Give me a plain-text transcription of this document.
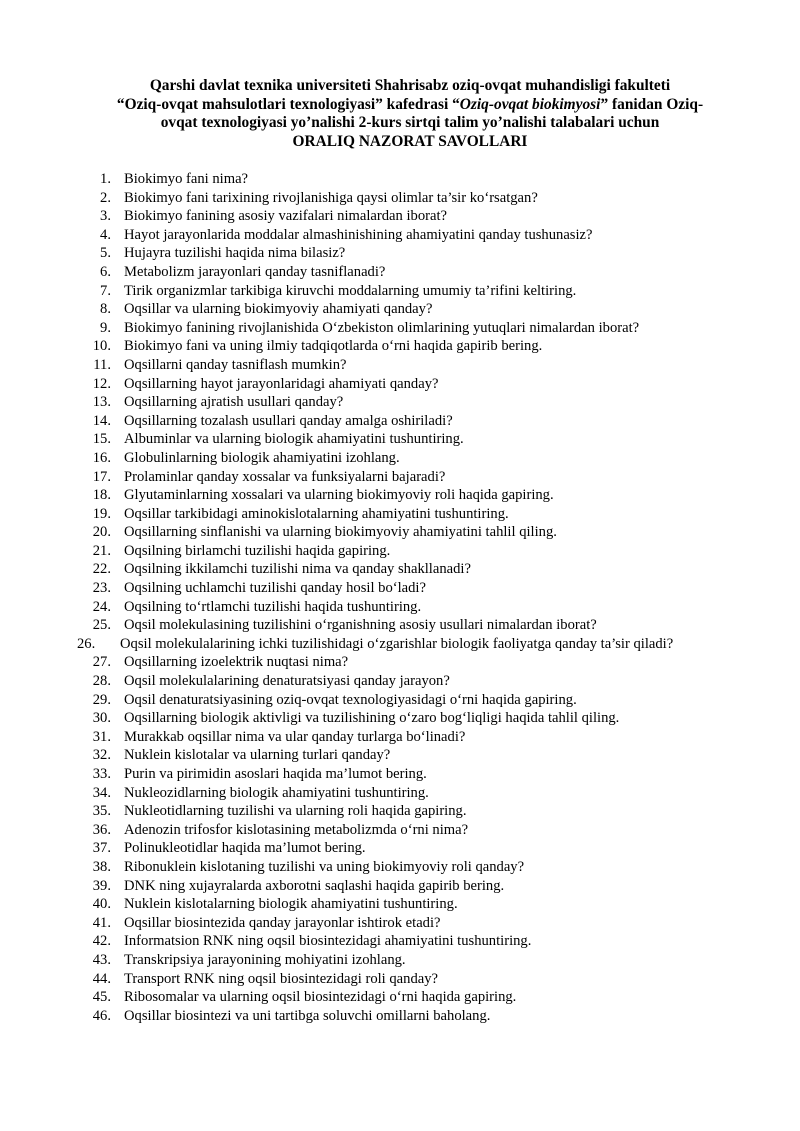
Qarshi davlat texnika universiteti Shahrisabz oziq-ovqat muhandisligi fakulteti
“Oziq-ovqat mahsulotlari texnologiyasi” kafedrasi “Oziq-ovqat biokimyosi” fanidan Oziq-
ovqat texnologiyasi yo’nalishi 2-kurs sirtqi talim yo’nalishi talabalari uchun
ORALIQ NAZORAT SAVOLLARI
1. Biokimyo fani nima?
2. Biokimyo fani tarixining rivojlanishiga qaysi olimlar ta’sir ko‘rsatgan?
3. Biokimyo fanining asosiy vazifalari nimalardan iborat?
4. Hayot jarayonlarida moddalar almashinishining ahamiyatini qanday tushunasiz?
5. Hujayra tuzilishi haqida nima bilasiz?
6. Metabolizm jarayonlari qanday tasniflanadi?
7. Tirik organizmlar tarkibiga kiruvchi moddalarning umumiy ta’rifini keltiring.
8. Oqsillar va ularning biokimyoviy ahamiyati qanday?
9. Biokimyo fanining rivojlanishida O‘zbekiston olimlarining yutuqlari nimalardan iborat?
10. Biokimyo fani va uning ilmiy tadqiqotlarda o‘rni haqida gapirib bering.
11. Oqsillarni qanday tasniflash mumkin?
12. Oqsillarning hayot jarayonlaridagi ahamiyati qanday?
13. Oqsillarning ajratish usullari qanday?
14. Oqsillarning tozalash usullari qanday amalga oshiriladi?
15. Albuminlar va ularning biologik ahamiyatini tushuntiring.
16. Globulinlarning biologik ahamiyatini izohlang.
17. Prolaminlar qanday xossalar va funksiyalarni bajaradi?
18. Glyutaminlarning xossalari va ularning biokimyoviy roli haqida gapiring.
19. Oqsillar tarkibidagi aminokislotalarning ahamiyatini tushuntiring.
20. Oqsillarning sinflanishi va ularning biokimyoviy ahamiyatini tahlil qiling.
21. Oqsilning birlamchi tuzilishi haqida gapiring.
22. Oqsilning ikkilamchi tuzilishi nima va qanday shakllanadi?
23. Oqsilning uchlamchi tuzilishi qanday hosil bo‘ladi?
24. Oqsilning to‘rtlamchi tuzilishi haqida tushuntiring.
25. Oqsil molekulasining tuzilishini o‘rganishning asosiy usullari nimalardan iborat?
26. Oqsil molekulalarining ichki tuzilishidagi o‘zgarishlar biologik faoliyatga qanday ta’sir qiladi?
27. Oqsillarning izoelektrik nuqtasi nima?
28. Oqsil molekulalarining denaturatsiyasi qanday jarayon?
29. Oqsil denaturatsiyasining oziq-ovqat texnologiyasidagi o‘rni haqida gapiring.
30. Oqsillarning biologik aktivligi va tuzilishining o‘zaro bog‘liqligi haqida tahlil qiling.
31. Murakkab oqsillar nima va ular qanday turlarga bo‘linadi?
32. Nuklein kislotalar va ularning turlari qanday?
33. Purin va pirimidin asoslari haqida ma’lumot bering.
34. Nukleozidlarning biologik ahamiyatini tushuntiring.
35. Nukleotidlarning tuzilishi va ularning roli haqida gapiring.
36. Adenozin trifosfor kislotasining metabolizmda o‘rni nima?
37. Polinukleotidlar haqida ma’lumot bering.
38. Ribonuklein kislotaning tuzilishi va uning biokimyoviy roli qanday?
39. DNK ning xujayralarda axborotni saqlashi haqida gapirib bering.
40. Nuklein kislotalarning biologik ahamiyatini tushuntiring.
41. Oqsillar biosintezida qanday jarayonlar ishtirok etadi?
42. Informatsion RNK ning oqsil biosintezidagi ahamiyatini tushuntiring.
43. Transkripsiya jarayonining mohiyatini izohlang.
44. Transport RNK ning oqsil biosintezidagi roli qanday?
45. Ribosomalar va ularning oqsil biosintezidagi o‘rni haqida gapiring.
46. Oqsillar biosintezi va uni tartibga soluvchi omillarni baholang.
